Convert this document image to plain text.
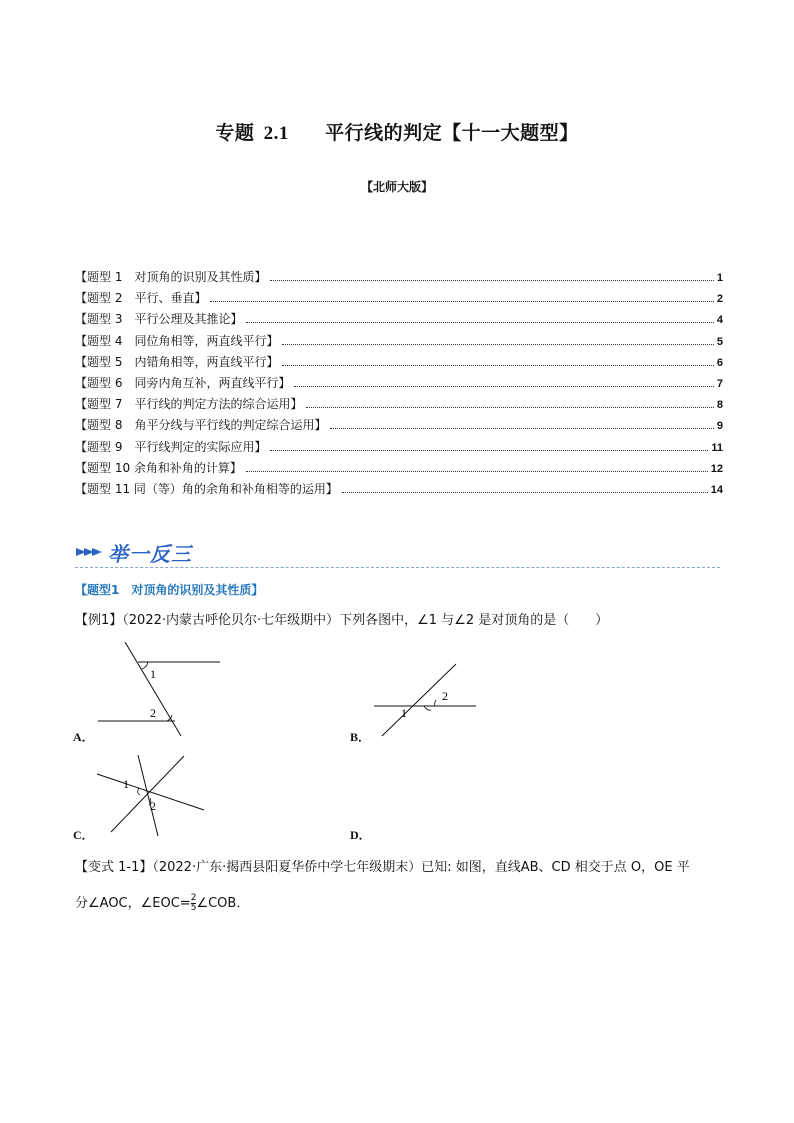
专题 2.1 平行线的判定【十一大题型】
【北师大版】
【题型 1　对顶角的识别及其性质】	1
【题型 2　平行、垂直】	2
【题型 3　平行公理及其推论】	4
【题型 4　同位角相等，两直线平行】	5
【题型 5　内错角相等，两直线平行】	6
【题型 6　同旁内角互补，两直线平行】	7
【题型 7　平行线的判定方法的综合运用】	8
【题型 8　角平分线与平行线的判定综合运用】	9
【题型 9　平行线判定的实际应用】	11
【题型 10 余角和补角的计算】	12
【题型 11 同（等）角的余角和补角相等的运用】	14
举一反三
【题型1　对顶角的识别及其性质】
【例1】（2022·内蒙古呼伦贝尔·七年级期中）下列各图中，∠1 与∠2 是对顶角的是（　　）
1
2
A．
1
2
B．
1
2
C．	D．
【变式 1-1】（2022·广东·揭西县阳夏华侨中学七年级期末）已知: 如图，直线AB、CD 相交于点 O，OE 平
分∠AOC，∠EOC= $\frac{2}{5}$ ∠COB．
